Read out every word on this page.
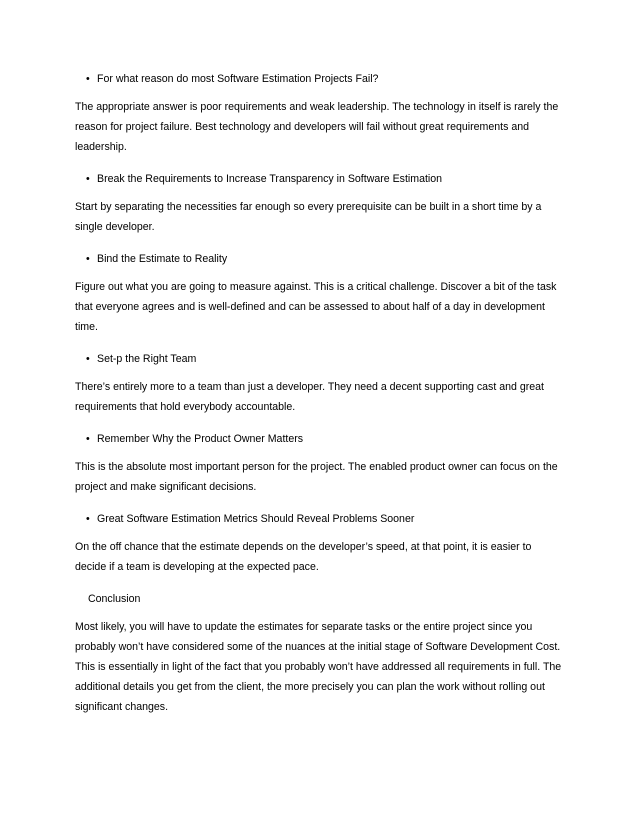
• For what reason do most Software Estimation Projects Fail?

The appropriate answer is poor requirements and weak leadership. The technology in itself is rarely the reason for project failure. Best technology and developers will fail without great requirements and leadership.

• Break the Requirements to Increase Transparency in Software Estimation

Start by separating the necessities far enough so every prerequisite can be built in a short time by a single developer.

• Bind the Estimate to Reality

Figure out what you are going to measure against. This is a critical challenge. Discover a bit of the task that everyone agrees and is well-defined and can be assessed to about half of a day in development time.

• Set-p the Right Team

There’s entirely more to a team than just a developer. They need a decent supporting cast and great requirements that hold everybody accountable.

• Remember Why the Product Owner Matters

This is the absolute most important person for the project. The enabled product owner can focus on the project and make significant decisions.

• Great Software Estimation Metrics Should Reveal Problems Sooner

On the off chance that the estimate depends on the developer’s speed, at that point, it is easier to decide if a team is developing at the expected pace.

Conclusion

Most likely, you will have to update the estimates for separate tasks or the entire project since you probably won’t have considered some of the nuances at the initial stage of Software Development Cost. This is essentially in light of the fact that you probably won’t have addressed all requirements in full. The additional details you get from the client, the more precisely you can plan the work without rolling out significant changes.
